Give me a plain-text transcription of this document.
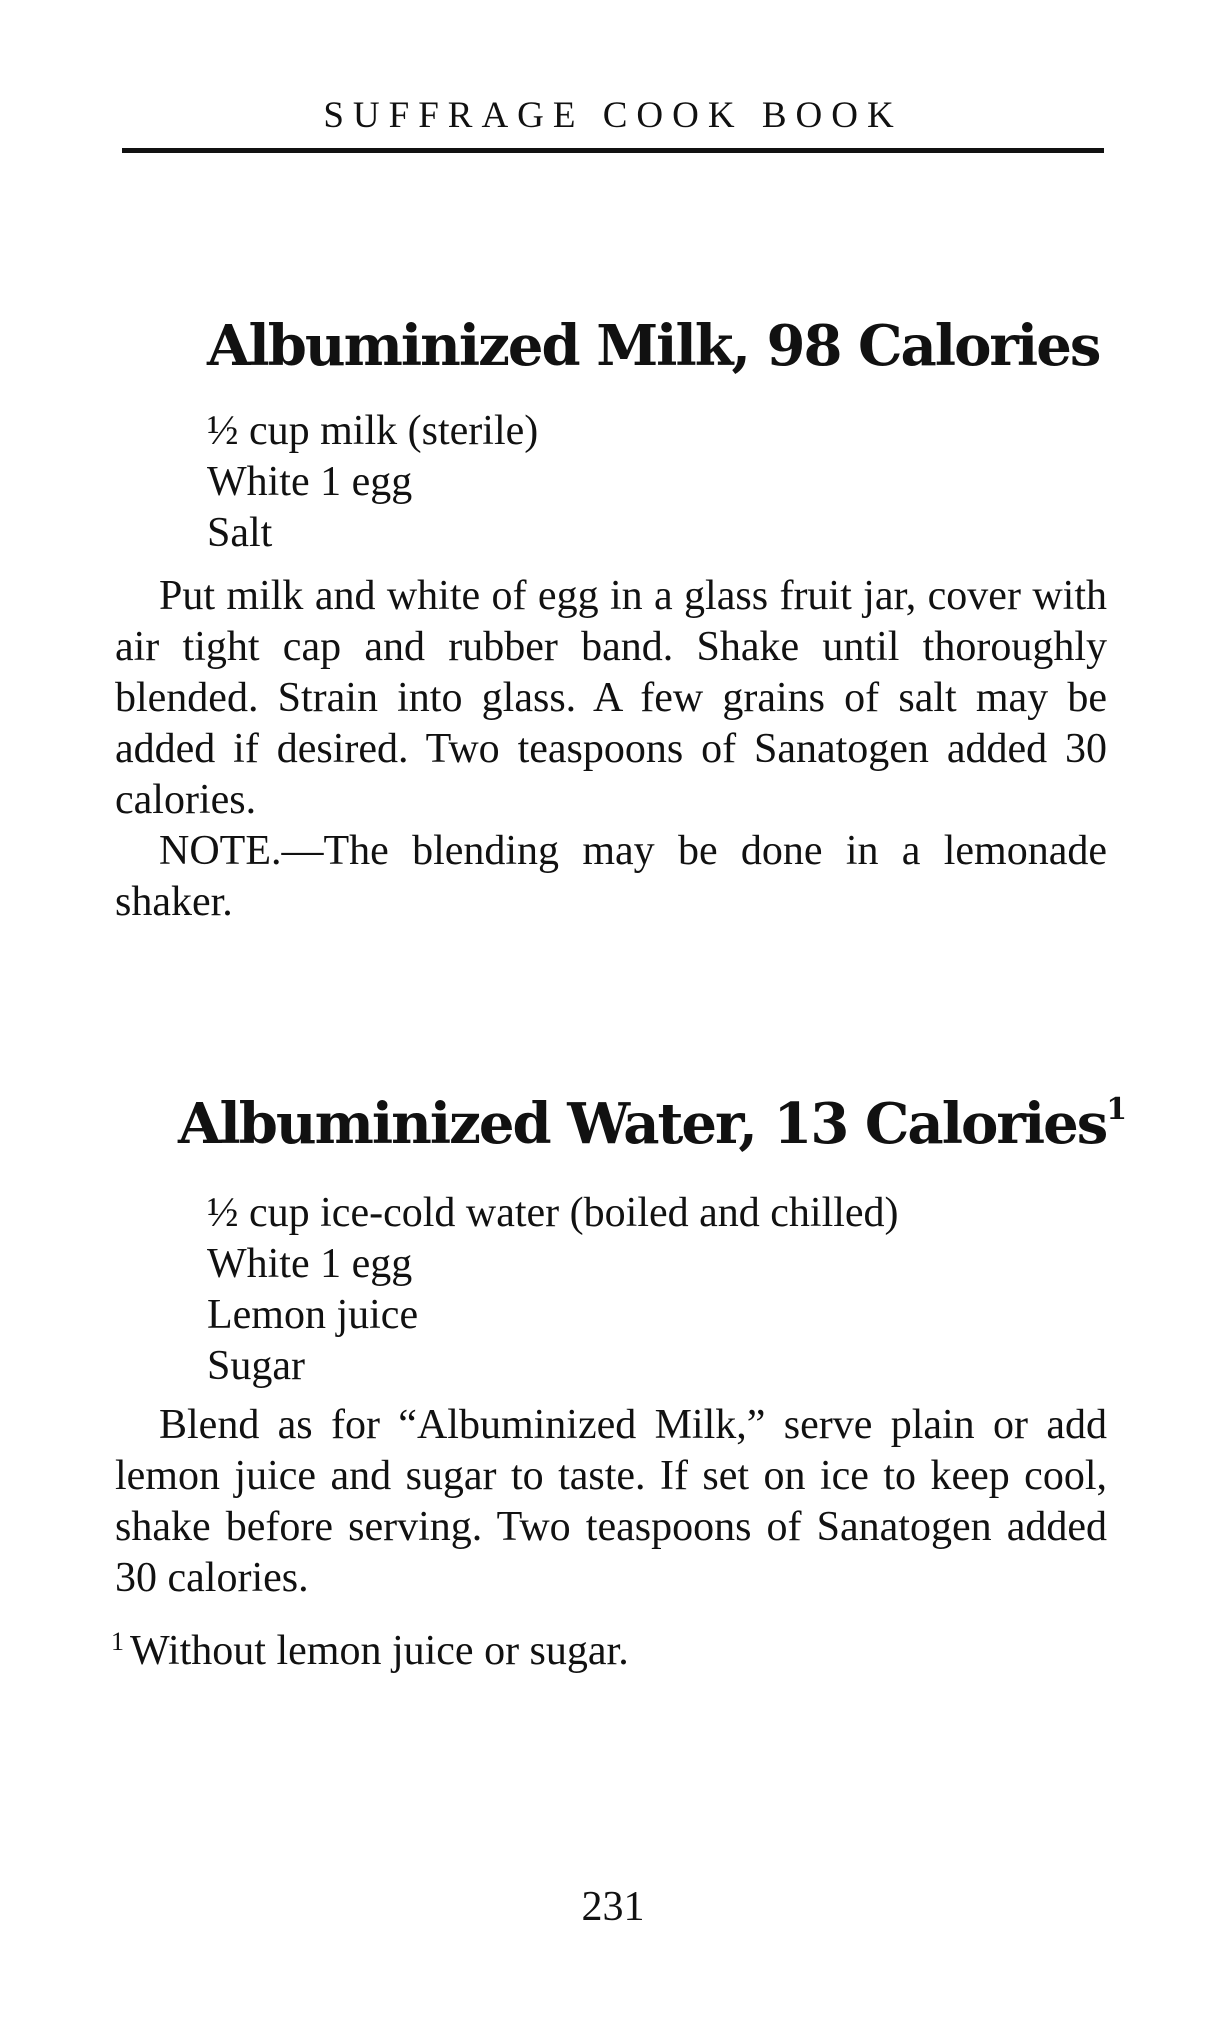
SUFFRAGE COOK BOOK
Albuminized Milk, 98 Calories
½ cup milk (sterile)
White 1 egg
Salt

Put milk and white of egg in a glass fruit jar, cover with air tight cap and rubber band. Shake until thoroughly blended. Strain into glass. A few grains of salt may be added if desired. Two teaspoons of Sanatogen added 30 calories.

NOTE.—The blending may be done in a lemonade shaker.

Albuminized Water, 13 Calories$^1$
½ cup ice-cold water (boiled and chilled)
White 1 egg
Lemon juice
Sugar

Blend as for “Albuminized Milk,” serve plain or add lemon juice and sugar to taste. If set on ice to keep cool, shake before serving. Two teaspoons of Sanatogen added 30 calories.

$^1$ Without lemon juice or sugar.

231
